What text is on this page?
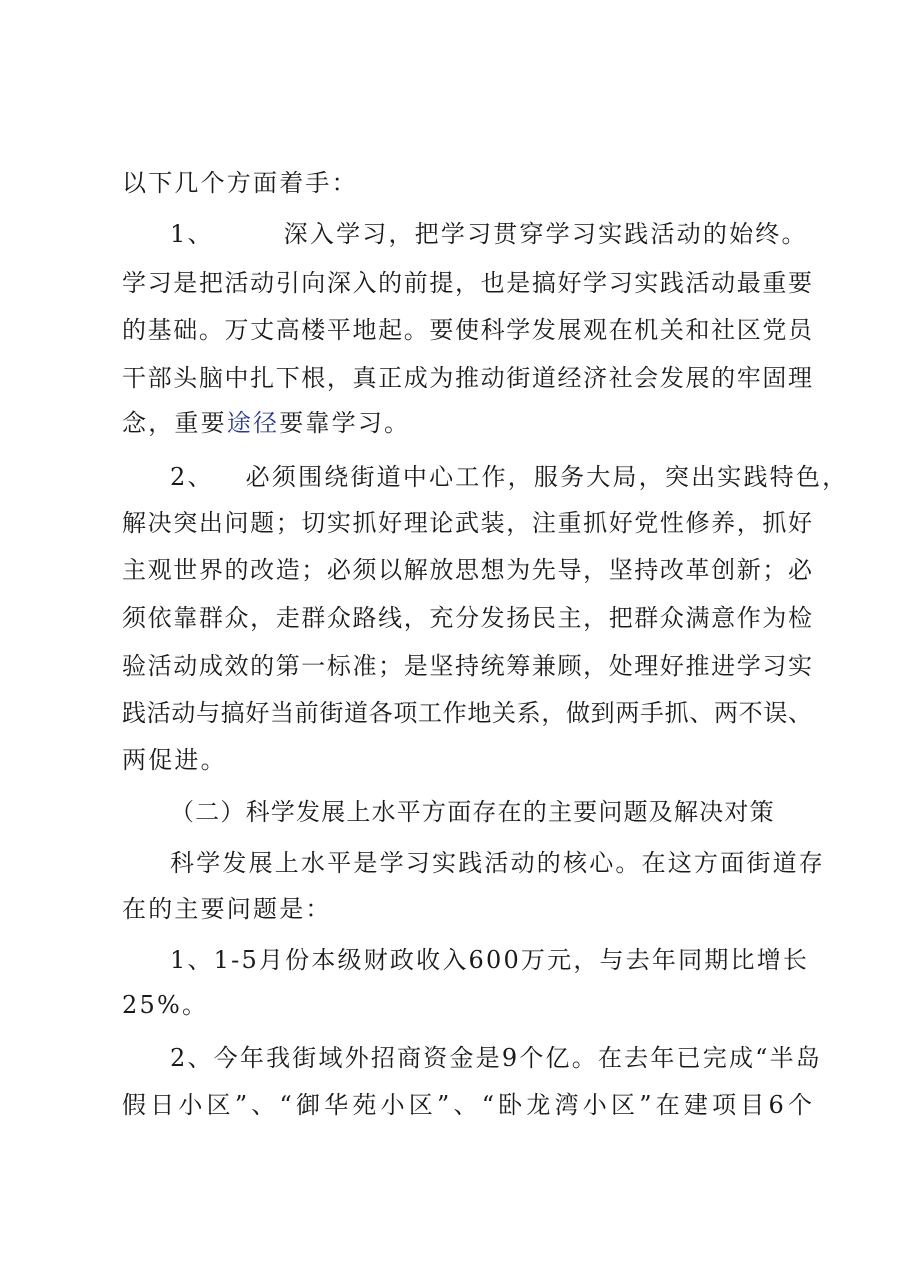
以下几个方面着手：
1、	深入学习，把学习贯穿学习实践活动的始终。
学习是把活动引向深入的前提，也是搞好学习实践活动最重要
的基础。万丈高楼平地起。要使科学发展观在机关和社区党员
干部头脑中扎下根，真正成为推动街道经济社会发展的牢固理
念，重要途径要靠学习。
2、 必须围绕街道中心工作，服务大局，突出实践特色，
解决突出问题；切实抓好理论武装，注重抓好党性修养，抓好
主观世界的改造；必须以解放思想为先导，坚持改革创新；必
须依靠群众，走群众路线，充分发扬民主，把群众满意作为检
验活动成效的第一标准；是坚持统筹兼顾，处理好推进学习实
践活动与搞好当前街道各项工作地关系，做到两手抓、两不误、
两促进。
（二）科学发展上水平方面存在的主要问题及解决对策
科学发展上水平是学习实践活动的核心。在这方面街道存
在的主要问题是：
1、1-5月份本级财政收入600万元，与去年同期比增长
25%。
2、今年我街域外招商资金是9个亿。在去年已完成“半岛
假日小区”、“御华苑小区”、“卧龙湾小区”在建项目6个
